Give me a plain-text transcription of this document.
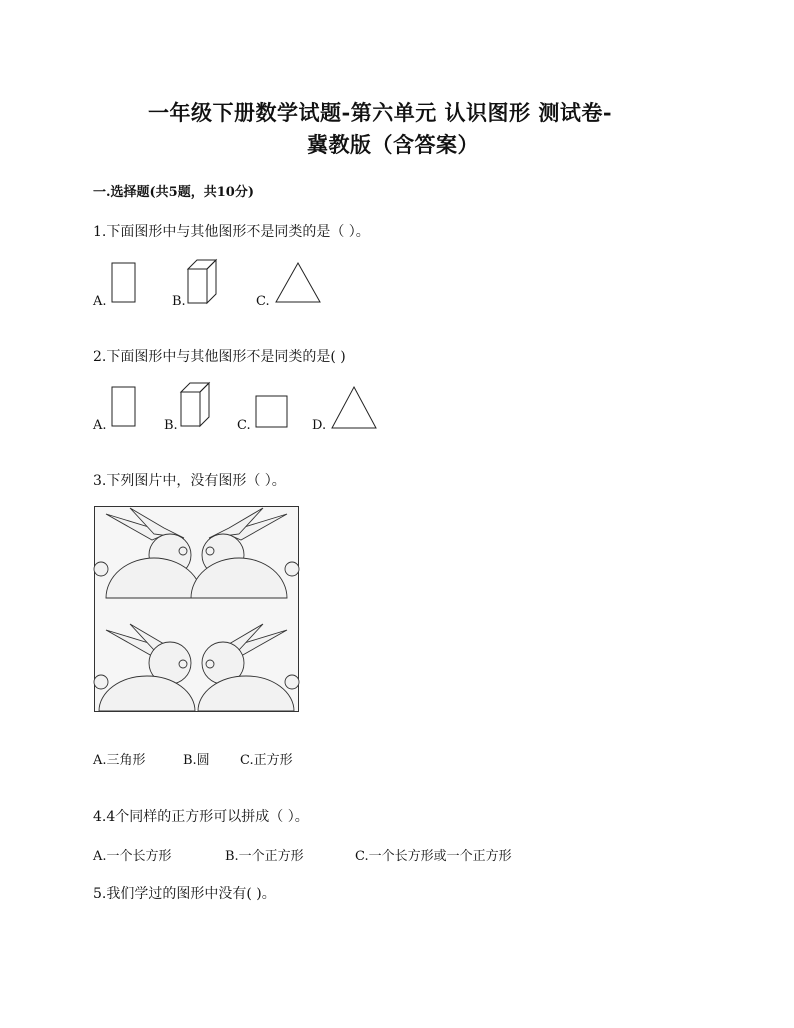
一年级下册数学试题-第六单元 认识图形 测试卷-
冀教版（含答案）
一.选择题(共5题，共10分)
1.下面图形中与其他图形不是同类的是（ ）。
A.	B.	C.
2.下面图形中与其他图形不是同类的是( )
A.	B.	C.	D.
3.下列图片中，没有图形（ ）。
A.三角形	B.圆 C.正方形
4.4个同样的正方形可以拼成（ ）。
A.一个长方形	B.一个正方形	C.一个长方形或一个正方形
5.我们学过的图形中没有( )。
